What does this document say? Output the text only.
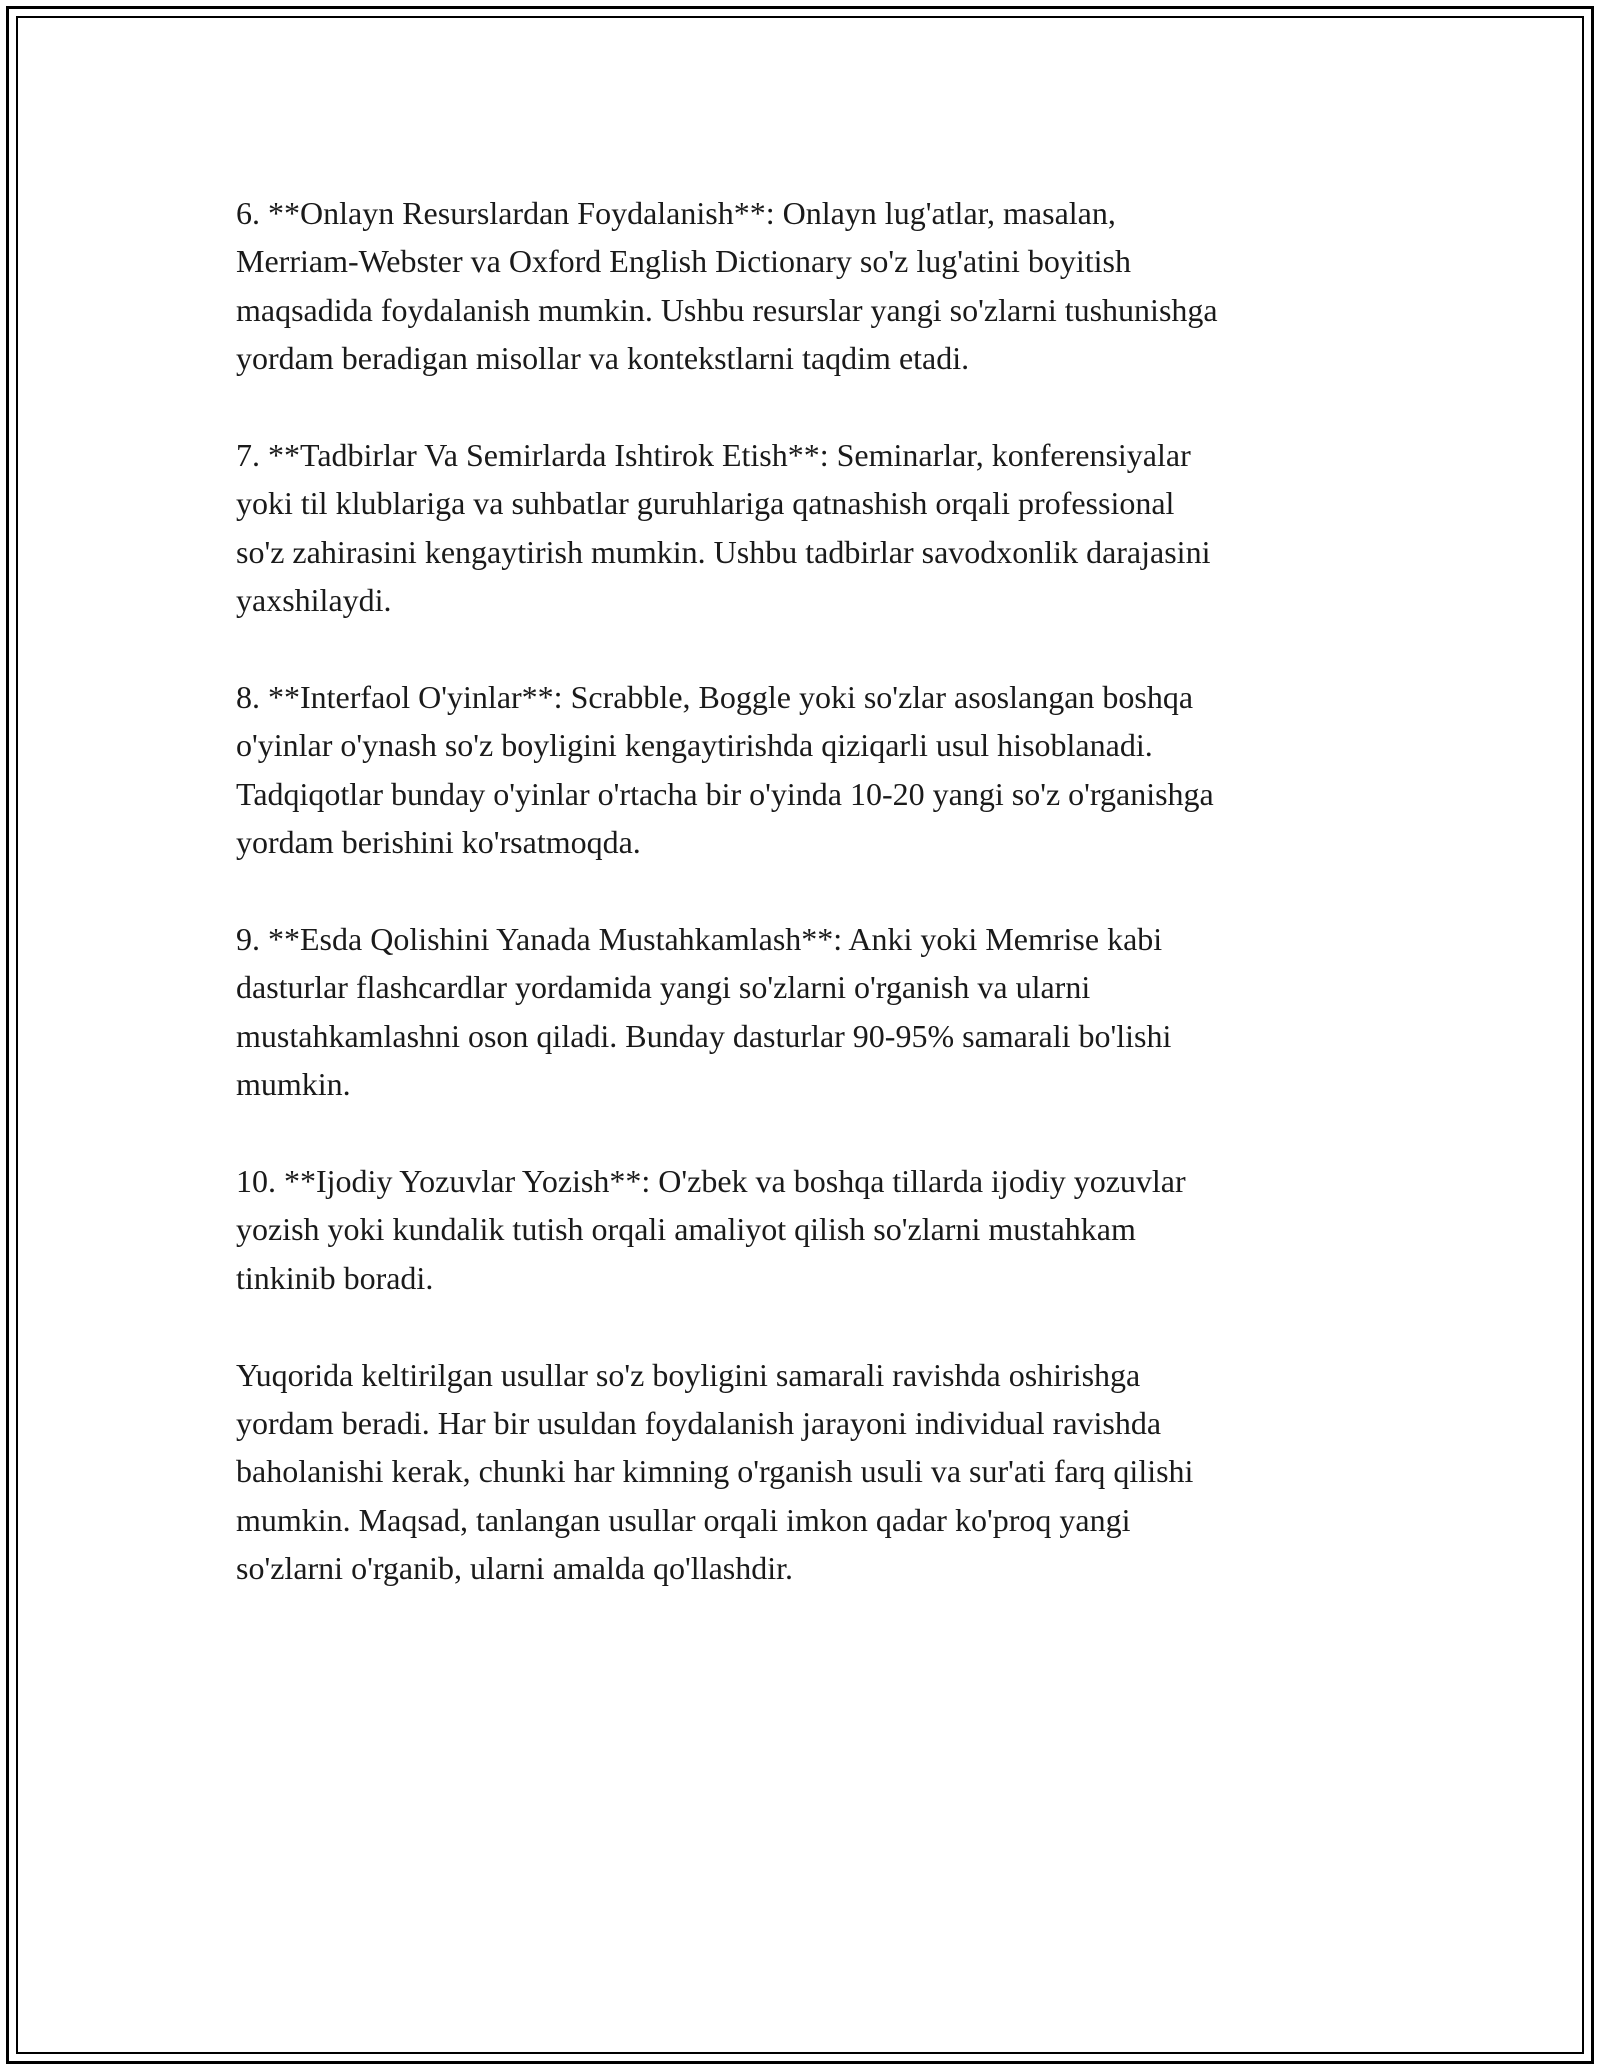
6. **Onlayn Resurslardan Foydalanish**: Onlayn lug'atlar, masalan,
Merriam-Webster va Oxford English Dictionary so'z lug'atini boyitish
maqsadida foydalanish mumkin. Ushbu resurslar yangi so'zlarni tushunishga
yordam beradigan misollar va kontekstlarni taqdim etadi.

7. **Tadbirlar Va Semirlarda Ishtirok Etish**: Seminarlar, konferensiyalar
yoki til klublariga va suhbatlar guruhlariga qatnashish orqali professional
so'z zahirasini kengaytirish mumkin. Ushbu tadbirlar savodxonlik darajasini
yaxshilaydi.

8. **Interfaol O'yinlar**: Scrabble, Boggle yoki so'zlar asoslangan boshqa
o'yinlar o'ynash so'z boyligini kengaytirishda qiziqarli usul hisoblanadi.
Tadqiqotlar bunday o'yinlar o'rtacha bir o'yinda 10-20 yangi so'z o'rganishga
yordam berishini ko'rsatmoqda.

9. **Esda Qolishini Yanada Mustahkamlash**: Anki yoki Memrise kabi
dasturlar flashcardlar yordamida yangi so'zlarni o'rganish va ularni
mustahkamlashni oson qiladi. Bunday dasturlar 90-95% samarali bo'lishi
mumkin.

10. **Ijodiy Yozuvlar Yozish**: O'zbek va boshqa tillarda ijodiy yozuvlar
yozish yoki kundalik tutish orqali amaliyot qilish so'zlarni mustahkam
tinkinib boradi.

Yuqorida keltirilgan usullar so'z boyligini samarali ravishda oshirishga
yordam beradi. Har bir usuldan foydalanish jarayoni individual ravishda
baholanishi kerak, chunki har kimning o'rganish usuli va sur'ati farq qilishi
mumkin. Maqsad, tanlangan usullar orqali imkon qadar ko'proq yangi
so'zlarni o'rganib, ularni amalda qo'llashdir.
